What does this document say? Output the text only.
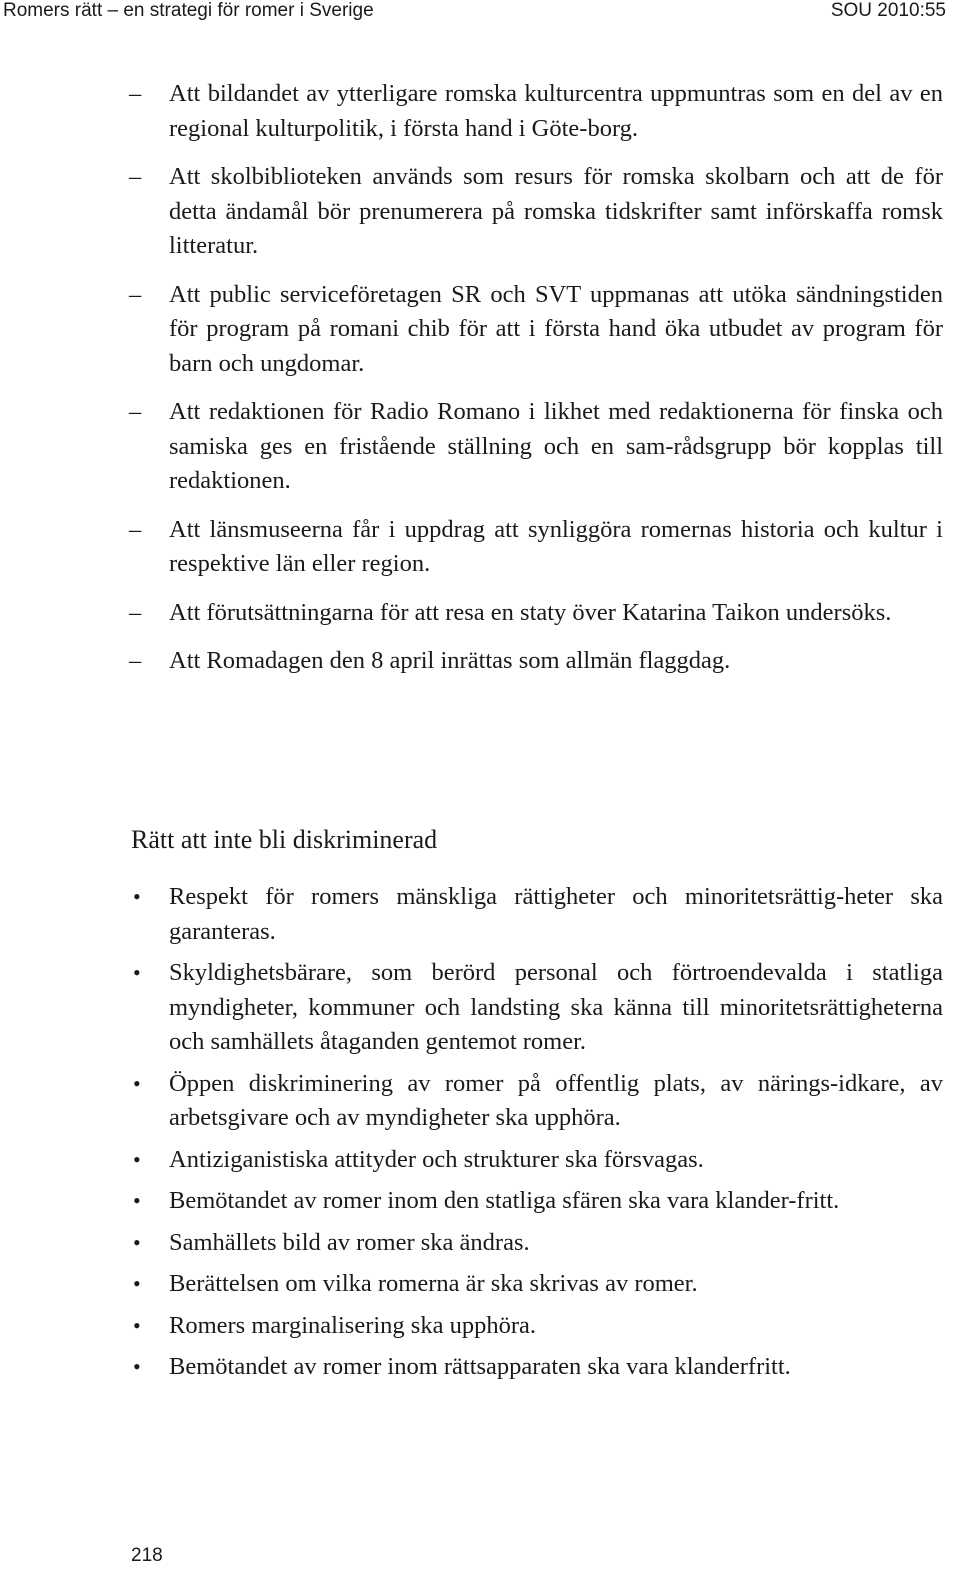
Romers rätt – en strategi för romer i Sverige	SOU 2010:55
– Att bildandet av ytterligare romska kulturcentra uppmuntras som en del av en regional kulturpolitik, i första hand i Göte-borg.
– Att skolbiblioteken används som resurs för romska skolbarn och att de för detta ändamål bör prenumerera på romska tidskrifter samt införskaffa romsk litteratur.
– Att public serviceföretagen SR och SVT uppmanas att utöka sändningstiden för program på romani chib för att i första hand öka utbudet av program för barn och ungdomar.
– Att redaktionen för Radio Romano i likhet med redaktionerna för finska och samiska ges en fristående ställning och en sam-rådsgrupp bör kopplas till redaktionen.
– Att länsmuseerna får i uppdrag att synliggöra romernas historia och kultur i respektive län eller region.
– Att förutsättningarna för att resa en staty över Katarina Taikon undersöks.
– Att Romadagen den 8 april inrättas som allmän flaggdag.
Rätt att inte bli diskriminerad
• Respekt för romers mänskliga rättigheter och minoritetsrättig-heter ska garanteras.
• Skyldighetsbärare, som berörd personal och förtroendevalda i statliga myndigheter, kommuner och landsting ska känna till minoritetsrättigheterna och samhällets åtaganden gentemot romer.
• Öppen diskriminering av romer på offentlig plats, av närings-idkare, av arbetsgivare och av myndigheter ska upphöra.
• Antiziganistiska attityder och strukturer ska försvagas.
• Bemötandet av romer inom den statliga sfären ska vara klander-fritt.
• Samhällets bild av romer ska ändras.
• Berättelsen om vilka romerna är ska skrivas av romer.
• Romers marginalisering ska upphöra.
• Bemötandet av romer inom rättsapparaten ska vara klanderfritt.
218
